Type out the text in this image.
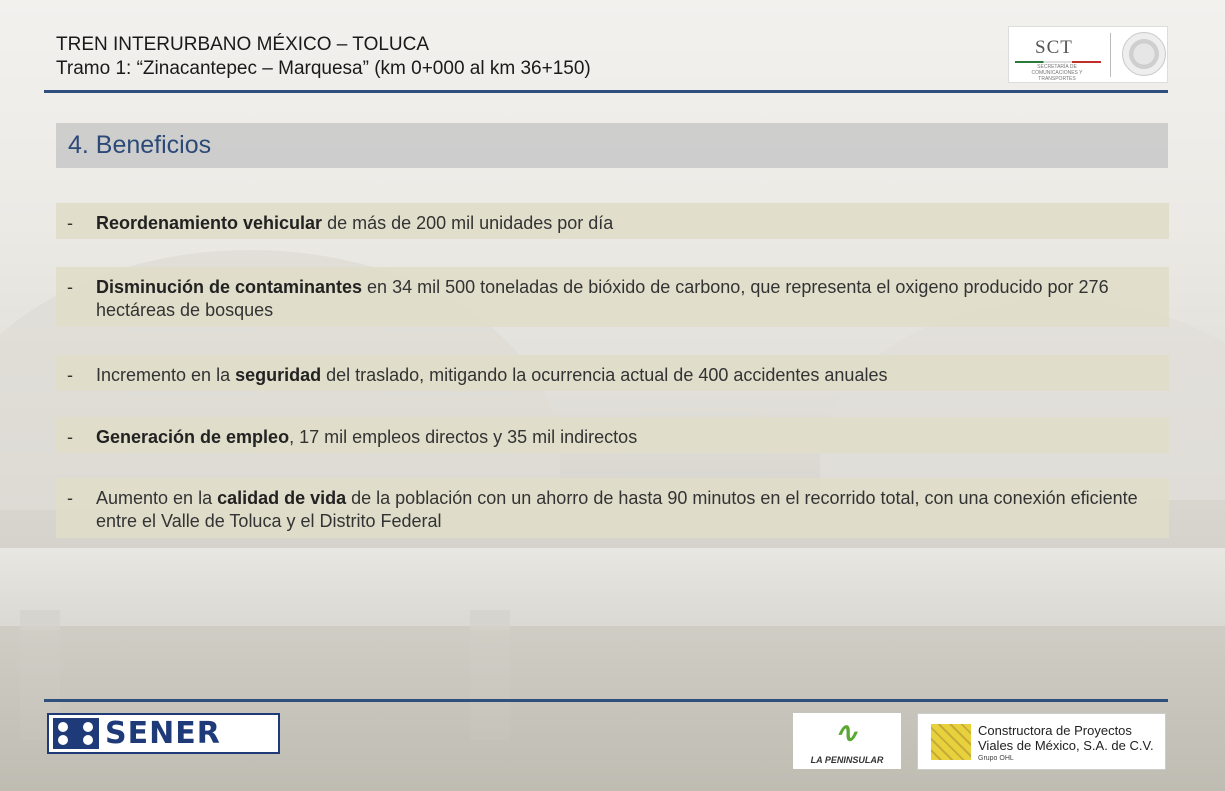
TREN INTERURBANO MÉXICO – TOLUCA
Tramo 1: “Zinacantepec – Marquesa” (km 0+000 al km 36+150)
SCT
SECRETARÍA DE COMUNICACIONES Y TRANSPORTES
4. Beneficios
- Reordenamiento vehicular de más de 200 mil unidades por día
- Disminución de contaminantes en 34 mil 500 toneladas de bióxido de carbono, que representa el oxigeno producido por 276 hectáreas de bosques
- Incremento en la seguridad del traslado, mitigando la ocurrencia actual de 400 accidentes anuales
- Generación de empleo, 17 mil empleos directos y 35 mil indirectos
- Aumento en la calidad de vida de la población con un ahorro de hasta 90 minutos en el recorrido total, con una conexión eficiente entre el Valle de Toluca y el Distrito Federal
SENER	∿
LA PENINSULAR
Constructora de Proyectos
Viales de México, S.A. de C.V.
Grupo OHL
